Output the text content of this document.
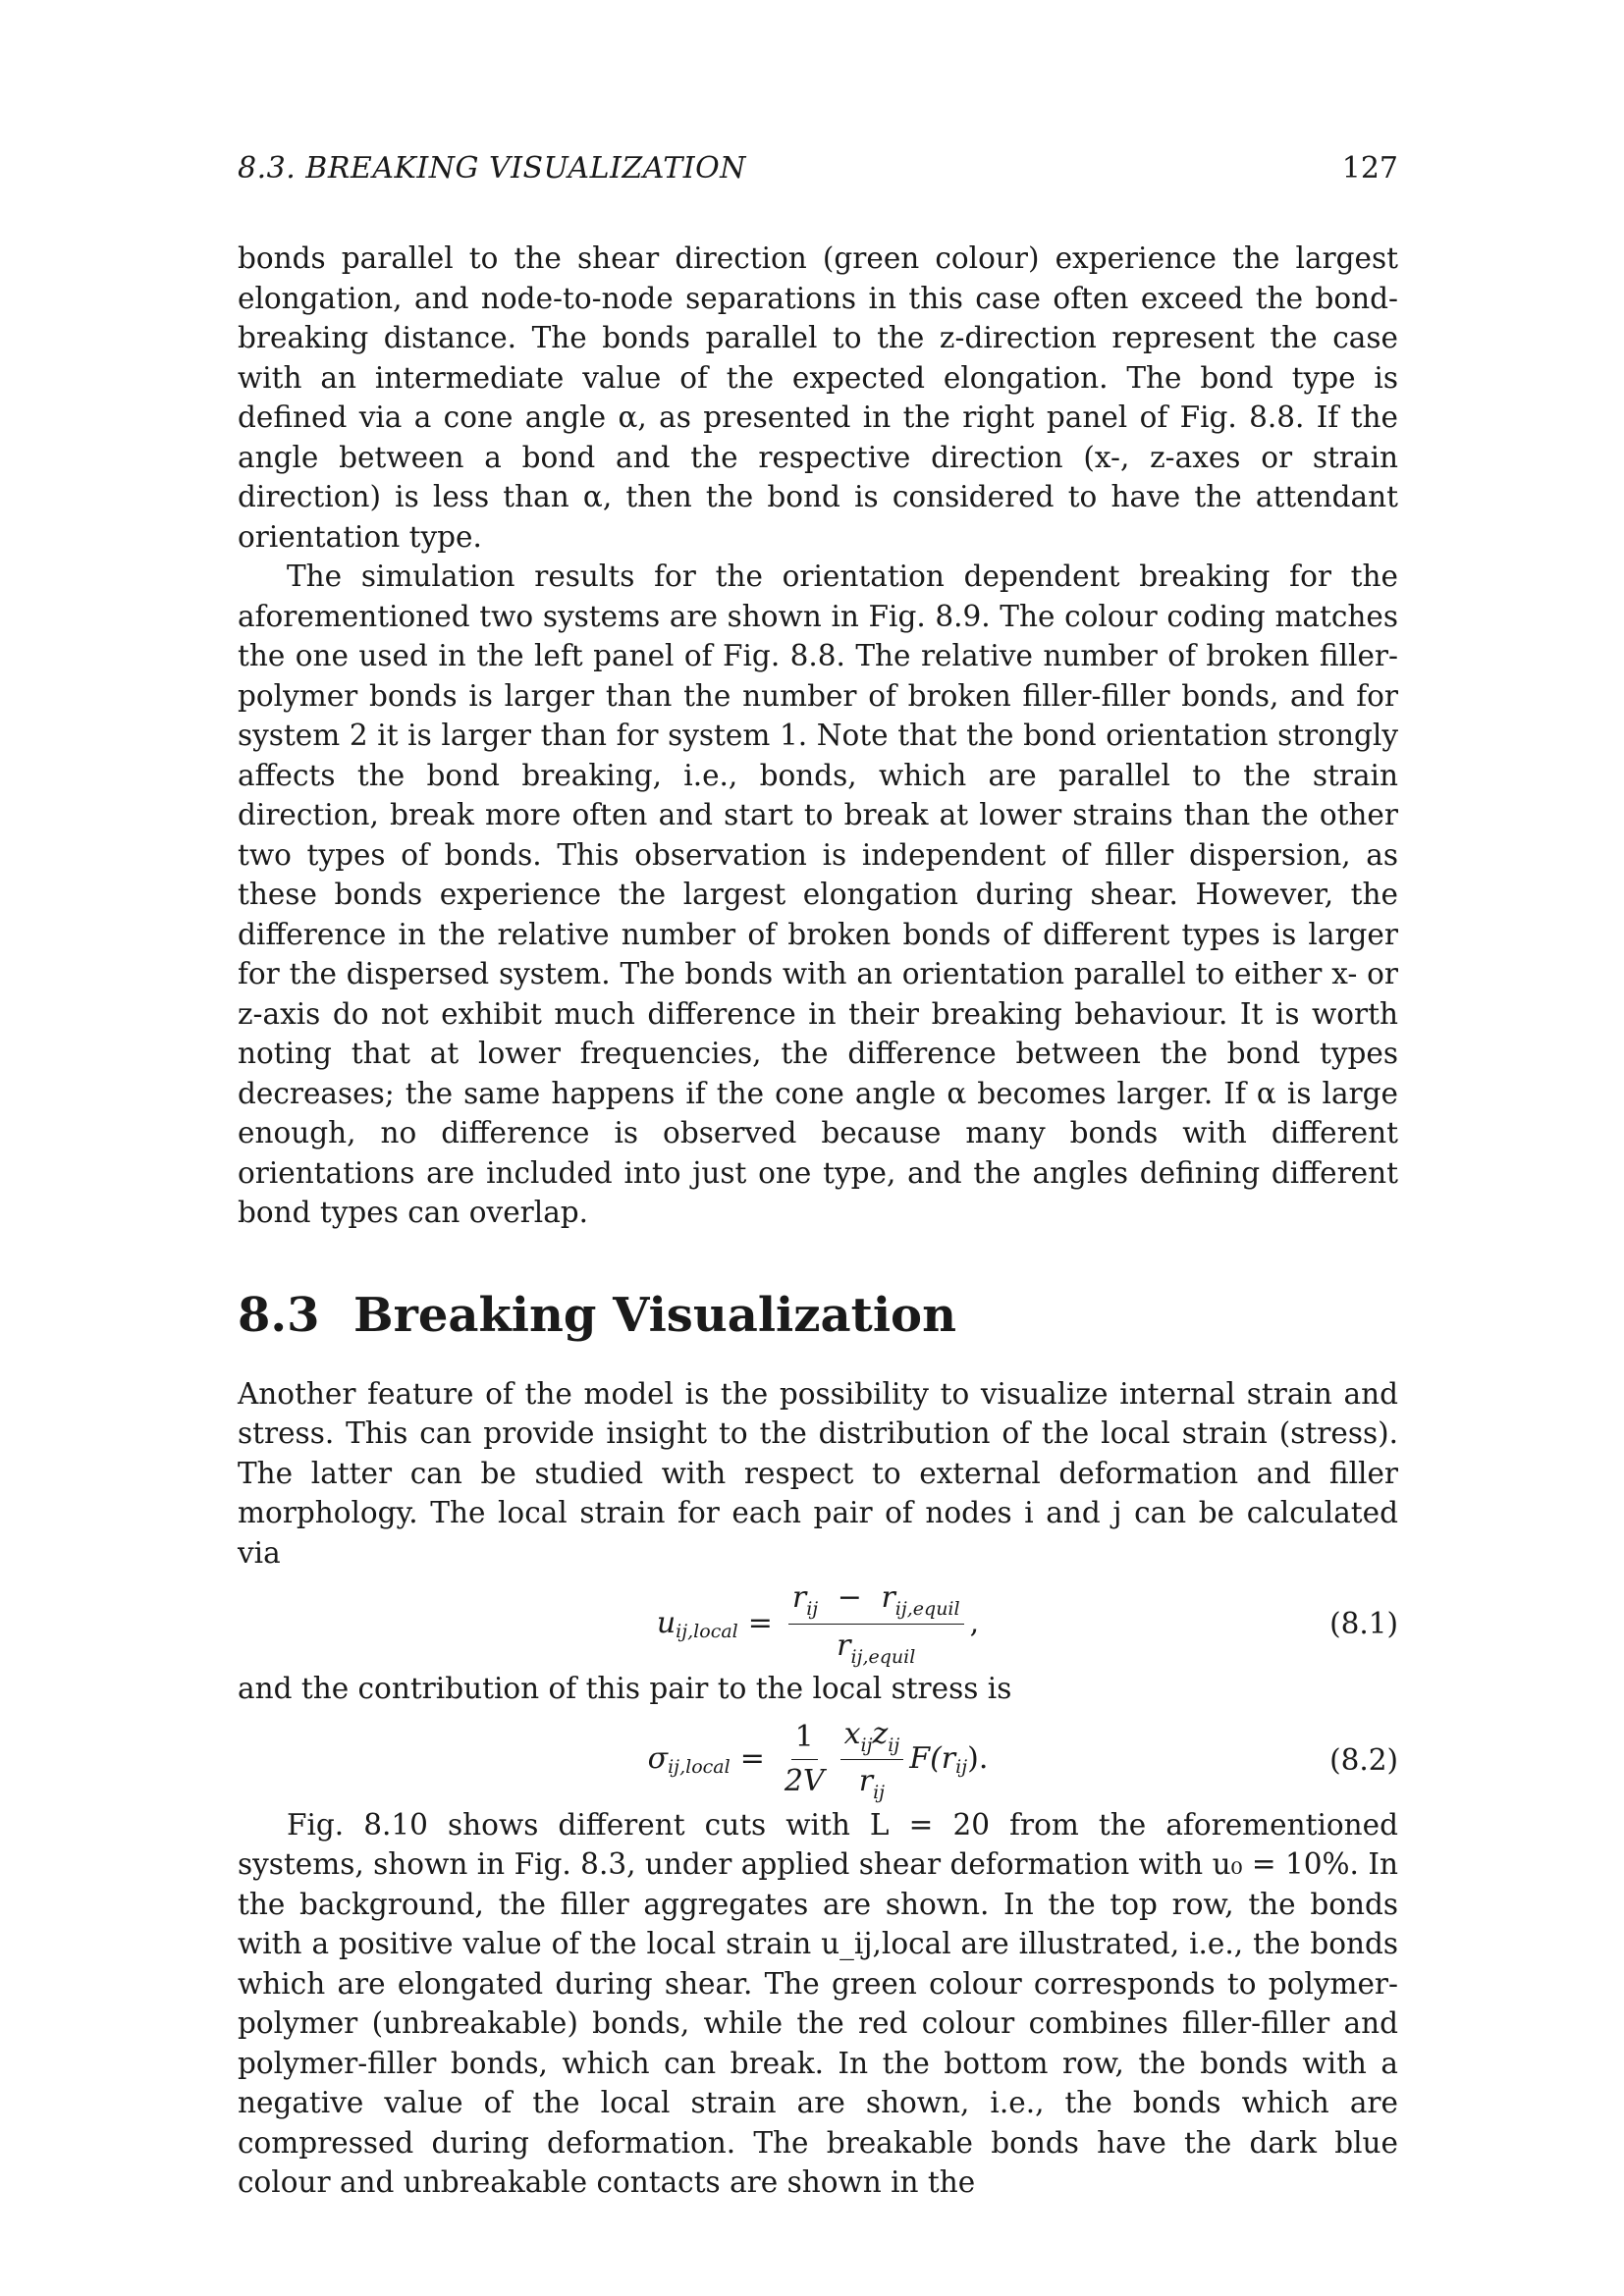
8.3. BREAKING VISUALIZATION	127

bonds parallel to the shear direction (green colour) experience the largest elongation, and node-to-node separations in this case often exceed the bond-breaking distance. The bonds parallel to the z-direction represent the case with an intermediate value of the expected elongation. The bond type is defined via a cone angle α, as presented in the right panel of Fig. 8.8. If the angle between a bond and the respective direction (x-, z-axes or strain direction) is less than α, then the bond is considered to have the attendant orientation type.

The simulation results for the orientation dependent breaking for the aforementioned two systems are shown in Fig. 8.9. The colour coding matches the one used in the left panel of Fig. 8.8. The relative number of broken filler-polymer bonds is larger than the number of broken filler-filler bonds, and for system 2 it is larger than for system 1. Note that the bond orientation strongly affects the bond breaking, i.e., bonds, which are parallel to the strain direction, break more often and start to break at lower strains than the other two types of bonds. This observation is independent of filler dispersion, as these bonds experience the largest elongation during shear. However, the difference in the relative number of broken bonds of different types is larger for the dispersed system. The bonds with an orientation parallel to either x- or z-axis do not exhibit much difference in their breaking behaviour. It is worth noting that at lower frequencies, the difference between the bond types decreases; the same happens if the cone angle α becomes larger. If α is large enough, no difference is observed because many bonds with different orientations are included into just one type, and the angles defining different bond types can overlap.

8.3 Breaking Visualization

Another feature of the model is the possibility to visualize internal strain and stress. This can provide insight to the distribution of the local strain (stress). The latter can be studied with respect to external deformation and filler morphology. The local strain for each pair of nodes i and j can be calculated via

u ij,local = $\frac{r_{ij} - r_{ij,equil}}{r_{ij,equil}}$ ,	(8.1)

and the contribution of this pair to the local stress is

σ ij,local = $\frac{1}{2V} \frac{x_{ij}z_{ij}}{r_{ij}} F(r$ ij ).	(8.2)

Fig. 8.10 shows different cuts with L = 20 from the aforementioned systems, shown in Fig. 8.3, under applied shear deformation with u₀ = 10%. In the background, the filler aggregates are shown. In the top row, the bonds with a positive value of the local strain u_ij,local are illustrated, i.e., the bonds which are elongated during shear. The green colour corresponds to polymer-polymer (unbreakable) bonds, while the red colour combines filler-filler and polymer-filler bonds, which can break. In the bottom row, the bonds with a negative value of the local strain are shown, i.e., the bonds which are compressed during deformation. The breakable bonds have the dark blue colour and unbreakable contacts are shown in the
